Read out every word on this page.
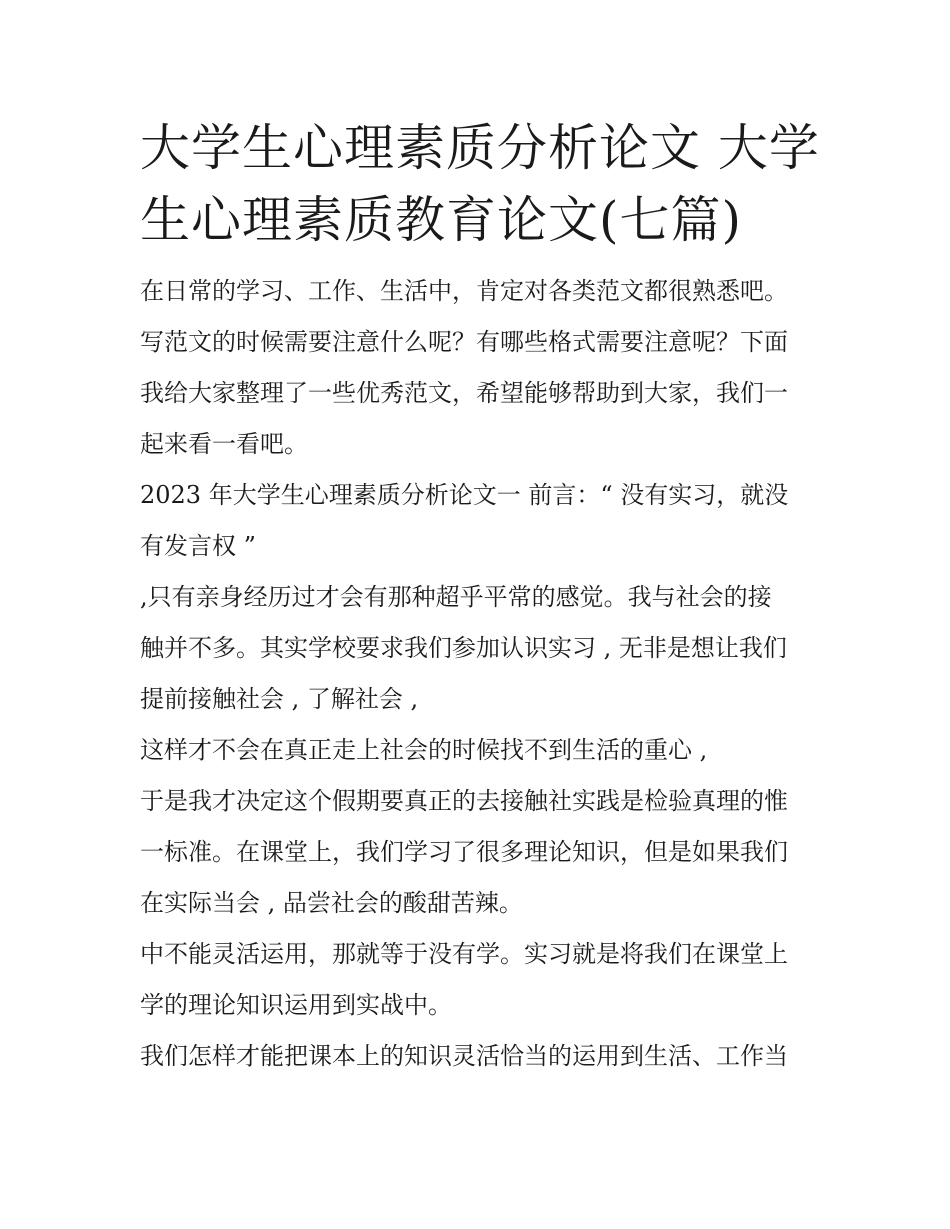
大学生心理素质分析论文 大学
生心理素质教育论文(七篇)

在日常的学习、工作、生活中，肯定对各类范文都很熟悉吧。
写范文的时候需要注意什么呢？有哪些格式需要注意呢？下面
我给大家整理了一些优秀范文，希望能够帮助到大家，我们一
起来看一看吧。

2023 年大学生心理素质分析论文一 前言：“ 没有实习，就没
有发言权 ”

,只有亲身经历过才会有那种超乎平常的感觉。我与社会的接
触并不多。其实学校要求我们参加认识实习 , 无非是想让我们
提前接触社会 , 了解社会 ,

这样才不会在真正走上社会的时候找不到生活的重心 ,

于是我才决定这个假期要真正的去接触社实践是检验真理的惟
一标准。在课堂上，我们学习了很多理论知识，但是如果我们
在实际当会 , 品尝社会的酸甜苦辣。

中不能灵活运用，那就等于没有学。实习就是将我们在课堂上
学的理论知识运用到实战中。

我们怎样才能把课本上的知识灵活恰当的运用到生活、工作当
